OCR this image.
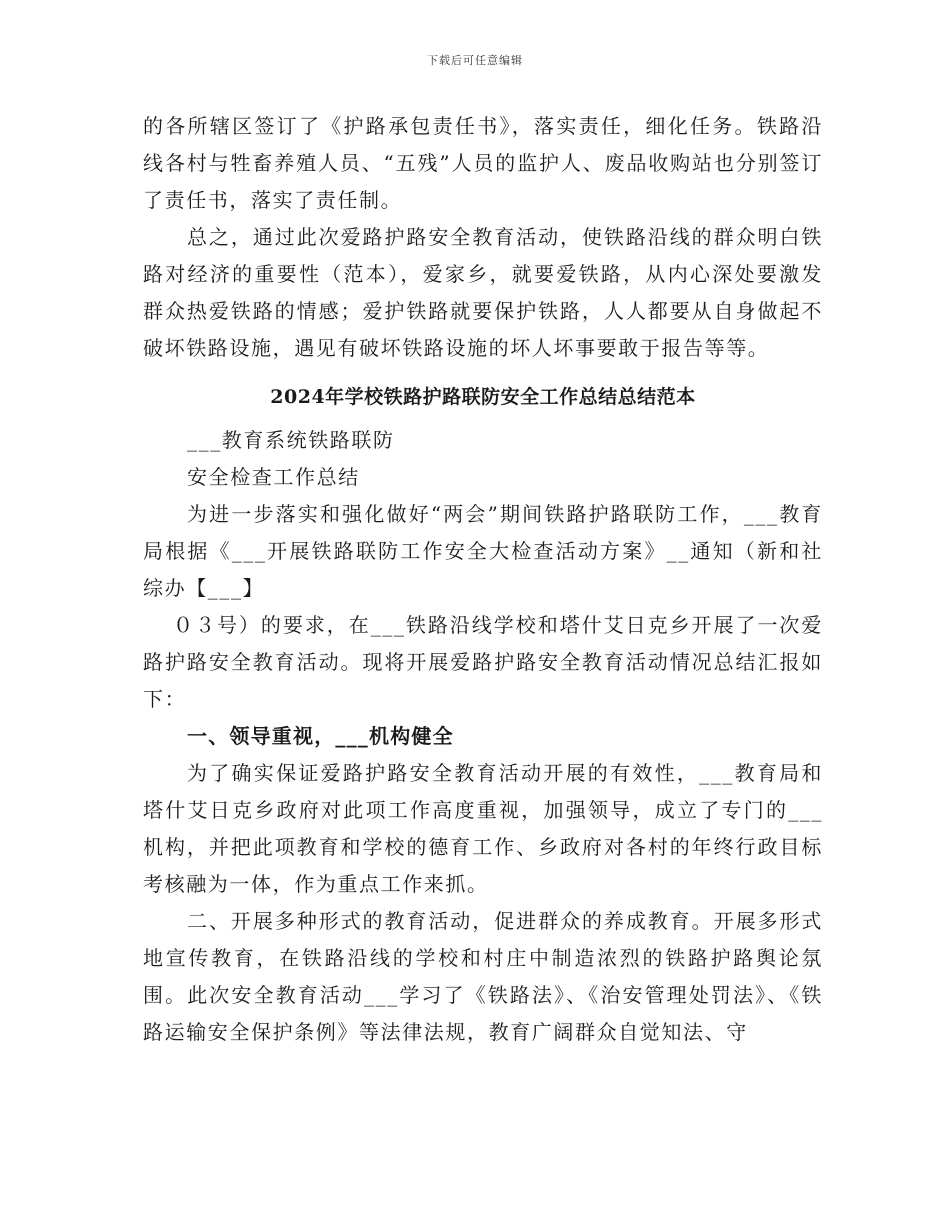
下载后可任意编辑

的各所辖区签订了《护路承包责任书》，落实责任，细化任务。铁路沿线各村与牲畜养殖人员、“五残”人员的监护人、废品收购站也分别签订了责任书，落实了责任制。

总之，通过此次爱路护路安全教育活动，使铁路沿线的群众明白铁路对经济的重要性（范本），爱家乡，就要爱铁路，从内心深处要激发群众热爱铁路的情感；爱护铁路就要保护铁路，人人都要从自身做起不破坏铁路设施，遇见有破坏铁路设施的坏人坏事要敢于报告等等。

2024年学校铁路护路联防安全工作总结总结范本

___教育系统铁路联防

安全检查工作总结

为进一步落实和强化做好“两会”期间铁路护路联防工作，___教育局根据《___开展铁路联防工作安全大检查活动方案》__通知（新和社综办【___】

０３号）的要求，在___铁路沿线学校和塔什艾日克乡开展了一次爱路护路安全教育活动。现将开展爱路护路安全教育活动情况总结汇报如下：

一、领导重视，___机构健全

为了确实保证爱路护路安全教育活动开展的有效性，___教育局和塔什艾日克乡政府对此项工作高度重视，加强领导，成立了专门的___机构，并把此项教育和学校的德育工作、乡政府对各村的年终行政目标考核融为一体，作为重点工作来抓。

二、开展多种形式的教育活动，促进群众的养成教育。开展多形式地宣传教育，在铁路沿线的学校和村庄中制造浓烈的铁路护路舆论氛围。此次安全教育活动___学习了《铁路法》、《治安管理处罚法》、《铁路运输安全保护条例》等法律法规，教育广阔群众自觉知法、守
